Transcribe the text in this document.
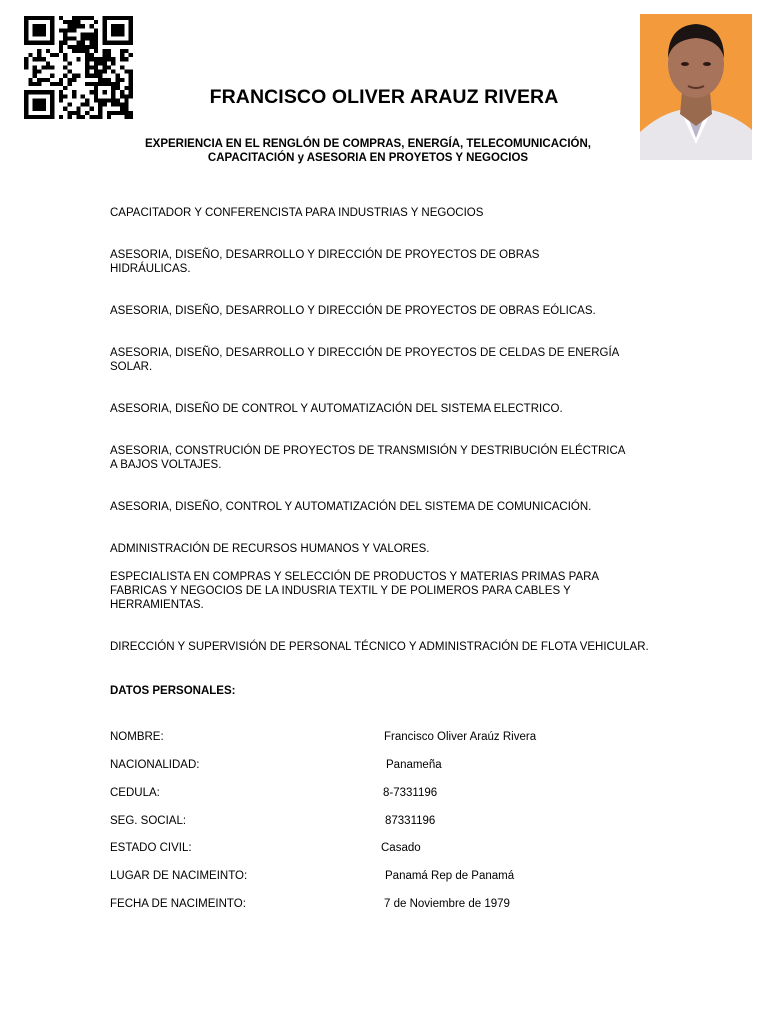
FRANCISCO OLIVER ARAUZ RIVERA
EXPERIENCIA EN EL RENGLÓN DE COMPRAS, ENERGÍA, TELECOMUNICACIÓN,
CAPACITACIÓN y ASESORIA EN PROYETOS Y NEGOCIOS
CAPACITADOR Y CONFERENCISTA PARA INDUSTRIAS Y NEGOCIOS
ASESORIA, DISEÑO, DESARROLLO Y DIRECCIÓN DE PROYECTOS DE OBRAS HIDRÁULICAS.
ASESORIA, DISEÑO, DESARROLLO Y DIRECCIÓN DE PROYECTOS DE OBRAS EÓLICAS.
ASESORIA, DISEÑO, DESARROLLO Y DIRECCIÓN DE PROYECTOS DE CELDAS DE ENERGÍA SOLAR.
ASESORIA, DISEÑO DE CONTROL Y AUTOMATIZACIÓN DEL SISTEMA ELECTRICO.
ASESORIA, CONSTRUCIÓN DE PROYECTOS DE TRANSMISIÓN Y DESTRIBUCIÓN ELÉCTRICA A BAJOS VOLTAJES.
ASESORIA, DISEÑO, CONTROL Y AUTOMATIZACIÓN DEL SISTEMA DE COMUNICACIÓN.
ADMINISTRACIÓN DE RECURSOS HUMANOS Y VALORES.
ESPECIALISTA EN COMPRAS Y SELECCIÓN DE PRODUCTOS Y MATERIAS PRIMAS PARA FABRICAS Y NEGOCIOS DE LA INDUSRIA TEXTIL Y DE POLIMEROS PARA CABLES Y HERRAMIENTAS.
DIRECCIÓN Y SUPERVISIÓN DE PERSONAL TÉCNICO Y ADMINISTRACIÓN DE FLOTA VEHICULAR.
DATOS PERSONALES:
NOMBRE:	Francisco Oliver Araúz Rivera
NACIONALIDAD:	Panameña
CEDULA:	8-7331196
SEG. SOCIAL:	87331196
ESTADO CIVIL:	Casado
LUGAR DE NACIMEINTO:	Panamá Rep de Panamá
FECHA DE NACIMEINTO:	7 de Noviembre de 1979
